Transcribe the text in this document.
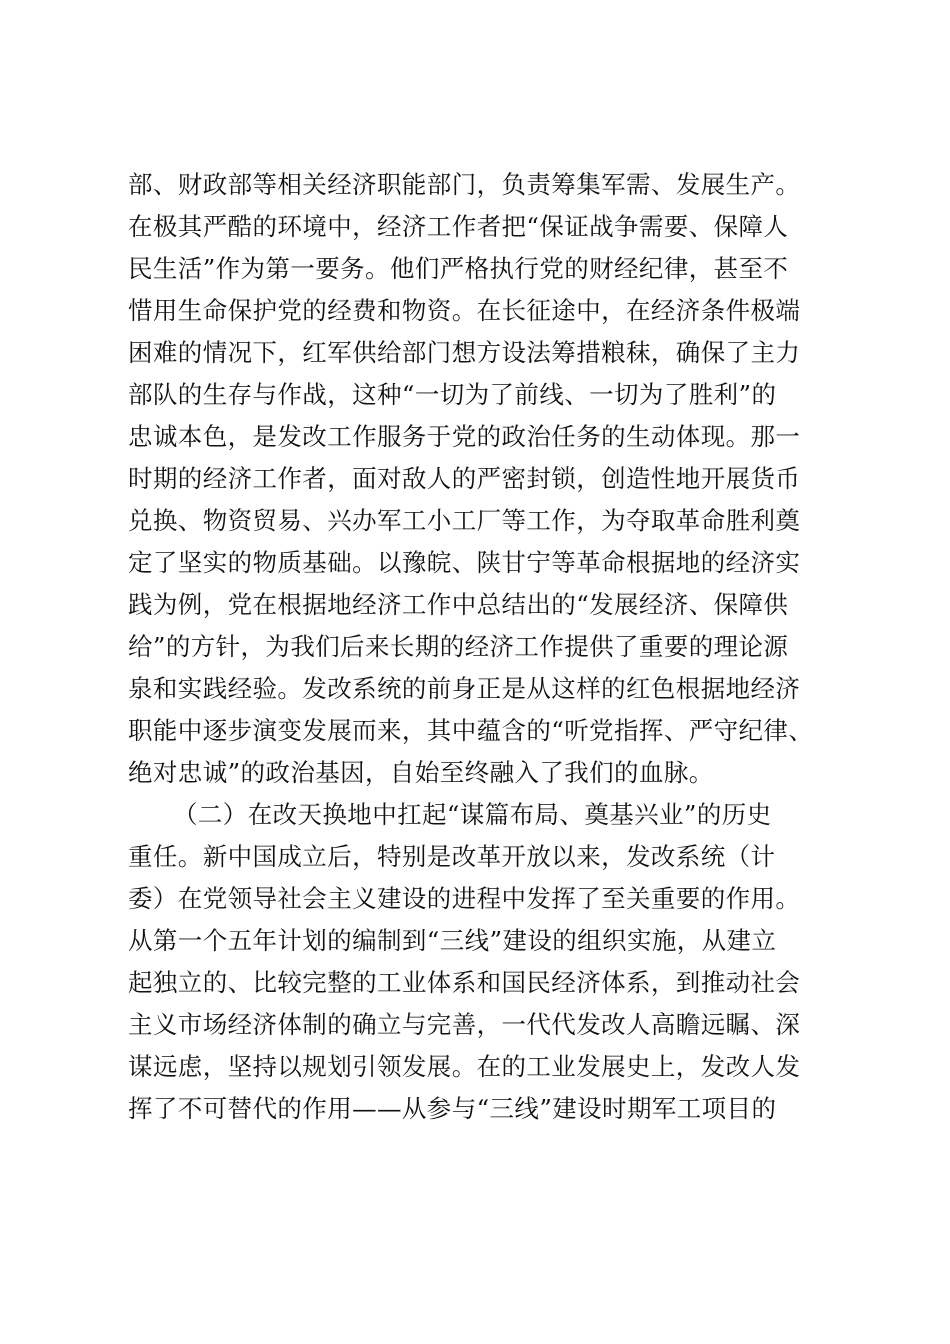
部、财政部等相关经济职能部门，负责筹集军需、发展生产。
在极其严酷的环境中，经济工作者把“保证战争需要、保障人
民生活”作为第一要务。他们严格执行党的财经纪律，甚至不
惜用生命保护党的经费和物资。在长征途中，在经济条件极端
困难的情况下，红军供给部门想方设法筹措粮秣，确保了主力
部队的生存与作战，这种“一切为了前线、一切为了胜利”的
忠诚本色，是发改工作服务于党的政治任务的生动体现。那一
时期的经济工作者，面对敌人的严密封锁，创造性地开展货币
兑换、物资贸易、兴办军工小工厂等工作，为夺取革命胜利奠
定了坚实的物质基础。以豫皖、陕甘宁等革命根据地的经济实
践为例，党在根据地经济工作中总结出的“发展经济、保障供
给”的方针，为我们后来长期的经济工作提供了重要的理论源
泉和实践经验。发改系统的前身正是从这样的红色根据地经济
职能中逐步演变发展而来，其中蕴含的“听党指挥、严守纪律、
绝对忠诚”的政治基因，自始至终融入了我们的血脉。
（二）在改天换地中扛起“谋篇布局、奠基兴业”的历史
重任。新中国成立后，特别是改革开放以来，发改系统（计
委）在党领导社会主义建设的进程中发挥了至关重要的作用。
从第一个五年计划的编制到“三线”建设的组织实施，从建立
起独立的、比较完整的工业体系和国民经济体系，到推动社会
主义市场经济体制的确立与完善，一代代发改人高瞻远瞩、深
谋远虑，坚持以规划引领发展。在的工业发展史上，发改人发
挥了不可替代的作用——从参与“三线”建设时期军工项目的
